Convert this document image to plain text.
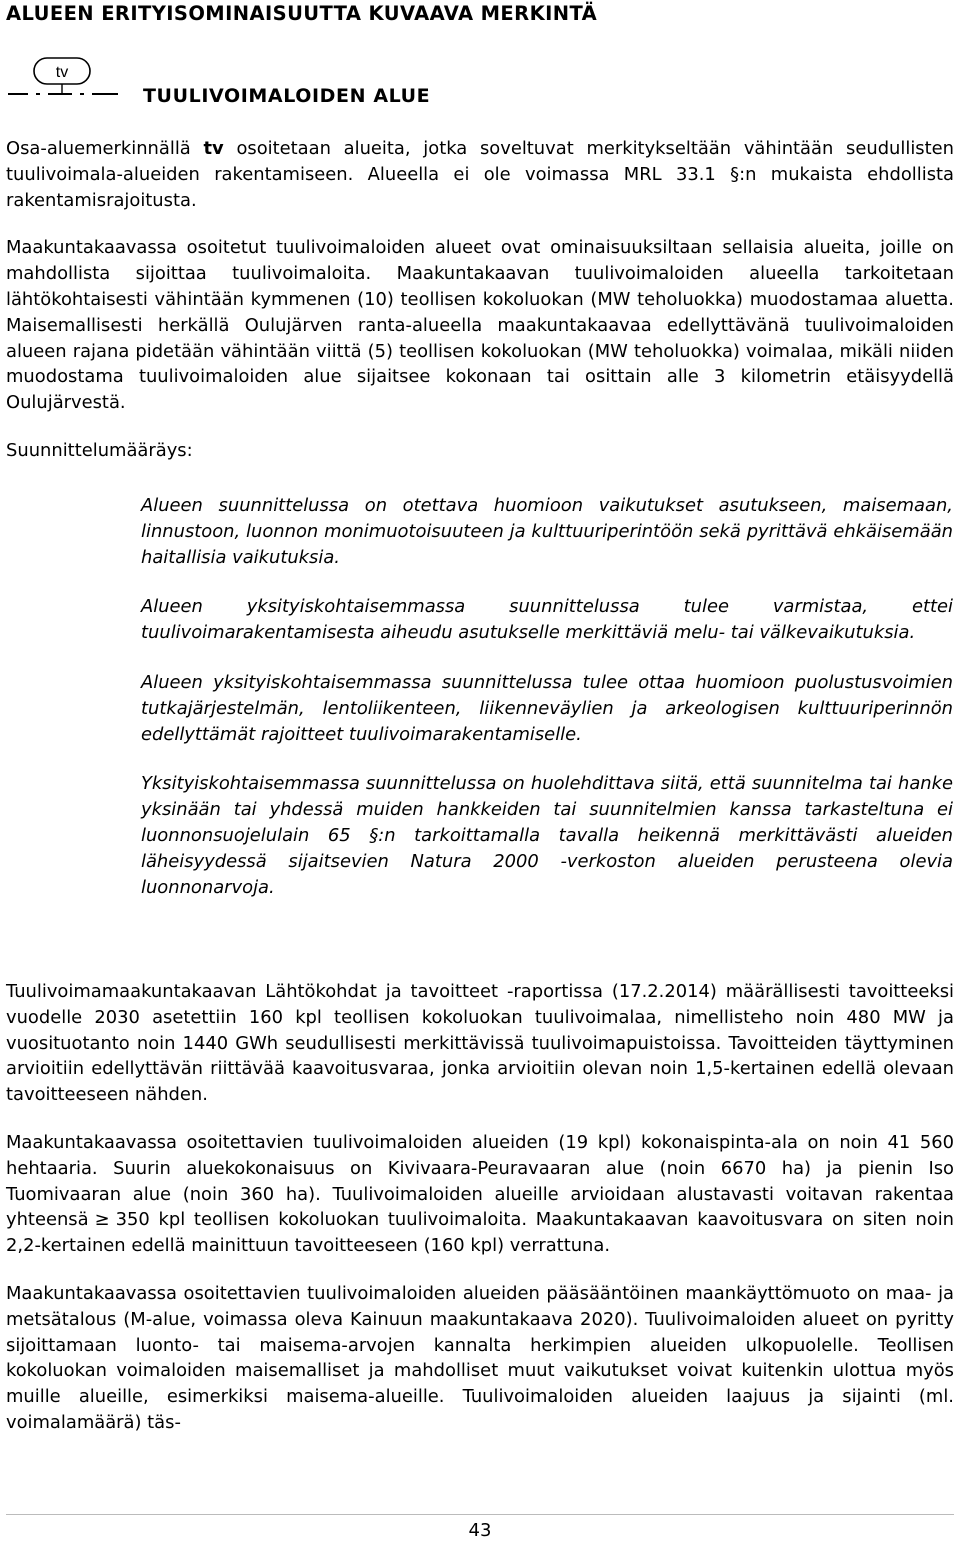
ALUEEN ERITYISOMINAISUUTTA KUVAAVA MERKINTÄ
tv
TUULIVOIMALOIDEN ALUE

Osa-aluemerkinnällä tv osoitetaan alueita, jotka soveltuvat merkitykseltään vähintään seudullisten tuulivoimala-alueiden rakentamiseen. Alueella ei ole voimassa MRL 33.1 §:n mukaista ehdollista rakentamisrajoitusta.

Maakuntakaavassa osoitetut tuulivoimaloiden alueet ovat ominaisuuksiltaan sellaisia alueita, joille on mahdollista sijoittaa tuulivoimaloita. Maakuntakaavan tuulivoimaloiden alueella tarkoitetaan lähtökohtaisesti vähintään kymmenen (10) teollisen kokoluokan (MW teholuokka) muodostamaa aluetta. Maisemallisesti herkällä Oulujärven ranta-alueella maakuntakaavaa edellyttävänä tuulivoimaloiden alueen rajana pidetään vähintään viittä (5) teollisen kokoluokan (MW teholuokka) voimalaa, mikäli niiden muodostama tuulivoimaloiden alue sijaitsee kokonaan tai osittain alle 3 kilometrin etäisyydellä Oulujärvestä.

Suunnittelumääräys:

Alueen suunnittelussa on otettava huomioon vaikutukset asutukseen, maisemaan, linnustoon, luonnon monimuotoisuuteen ja kulttuuriperintöön sekä pyrittävä ehkäisemään haitallisia vaikutuksia.

Alueen yksityiskohtaisemmassa suunnittelussa tulee varmistaa, ettei tuulivoimarakentamisesta aiheudu asutukselle merkittäviä melu- tai välkevaikutuksia.

Alueen yksityiskohtaisemmassa suunnittelussa tulee ottaa huomioon puolustusvoimien tutkajärjestelmän, lentoliikenteen, liikenneväylien ja arkeologisen kulttuuriperinnön edellyttämät rajoitteet tuulivoimarakentamiselle.

Yksityiskohtaisemmassa suunnittelussa on huolehdittava siitä, että suunnitelma tai hanke yksinään tai yhdessä muiden hankkeiden tai suunnitelmien kanssa tarkasteltuna ei luonnonsuojelulain 65 §:n tarkoittamalla tavalla heikennä merkittävästi alueiden läheisyydessä sijaitsevien Natura 2000 -verkoston alueiden perusteena olevia luonnonarvoja.

Tuulivoimamaakuntakaavan Lähtökohdat ja tavoitteet -raportissa (17.2.2014) määrällisesti tavoitteeksi vuodelle 2030 asetettiin 160 kpl teollisen kokoluokan tuulivoimalaa, nimellisteho noin 480 MW ja vuosituotanto noin 1440 GWh seudullisesti merkittävissä tuulivoimapuistoissa. Tavoitteiden täyttyminen arvioitiin edellyttävän riittävää kaavoitusvaraa, jonka arvioitiin olevan noin 1,5-kertainen edellä olevaan tavoitteeseen nähden.

Maakuntakaavassa osoitettavien tuulivoimaloiden alueiden (19 kpl) kokonaispinta-ala on noin 41 560 hehtaaria. Suurin aluekokonaisuus on Kivivaara-Peuravaaran alue (noin 6670 ha) ja pienin Iso Tuomivaaran alue (noin 360 ha). Tuulivoimaloiden alueille arvioidaan alustavasti voitavan rakentaa yhteensä ≥ 350 kpl teollisen kokoluokan tuulivoimaloita. Maakuntakaavan kaavoitusvara on siten noin 2,2-kertainen edellä mainittuun tavoitteeseen (160 kpl) verrattuna.

Maakuntakaavassa osoitettavien tuulivoimaloiden alueiden pääsääntöinen maankäyttömuoto on maa- ja metsätalous (M-alue, voimassa oleva Kainuun maakuntakaava 2020). Tuulivoimaloiden alueet on pyritty sijoittamaan luonto- tai maisema-arvojen kannalta herkimpien alueiden ulkopuolelle. Teollisen kokoluokan voimaloiden maisemalliset ja mahdolliset muut vaikutukset voivat kuitenkin ulottua myös muille alueille, esimerkiksi maisema-alueille. Tuulivoimaloiden alueiden laajuus ja sijainti (ml. voimalamäärä) täs-

43
